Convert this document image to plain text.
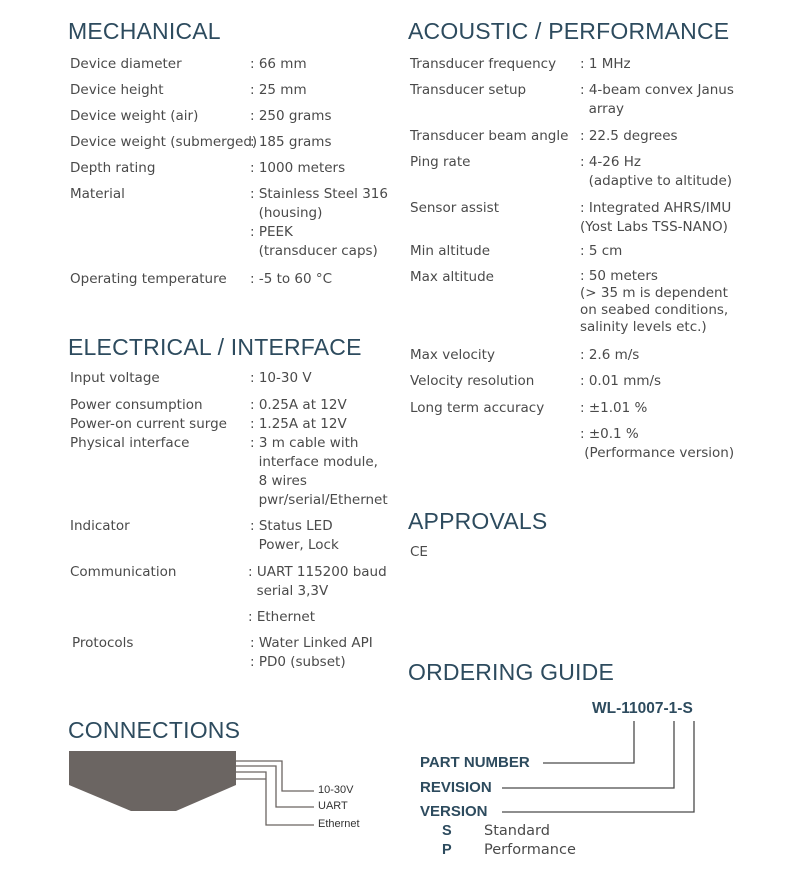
MECHANICAL
Device diameter	: 66 mm
Device height	: 25 mm
Device weight (air)	: 250 grams
Device weight (submerged)
: 185 grams
Depth rating	: 1000 meters
Material	: Stainless Steel 316
(housing)
: PEEK
(transducer caps)
Operating temperature : -5 to 60 °C
ELECTRICAL / INTERFACE
Input voltage	: 10-30 V
Power consumption	: 0.25A at 12V
Power-on current surge : 1.25A at 12V
Physical interface	: 3 m cable with
interface module,
8 wires
pwr/serial/Ethernet
Indicator	: Status LED
Power, Lock
Communication	: UART 115200 baud
serial 3,3V
: Ethernet
Protocols	: Water Linked API
: PD0 (subset)
ACOUSTIC / PERFORMANCE
Transducer frequency : 1 MHz
Transducer setup	: 4-beam convex Janus
array
Transducer beam angle : 22.5 degrees
Ping rate	: 4-26 Hz
(adaptive to altitude)
Sensor assist	: Integrated AHRS/IMU
(Yost Labs TSS-NANO)
Min altitude	: 5 cm
Max altitude	: 50 meters
(> 35 m is dependent
on seabed conditions,
salinity levels etc.)
Max velocity	: 2.6 m/s
Velocity resolution	: 0.01 mm/s
Long term accuracy	: ±1.01 %
: ±0.1 %
(Performance version)
APPROVALS
CE
ORDERING GUIDE
WL-11007-1-S
PART NUMBER
REVISION
VERSION
S Standard
P Performance
CONNECTIONS
10-30V
UART
Ethernet
